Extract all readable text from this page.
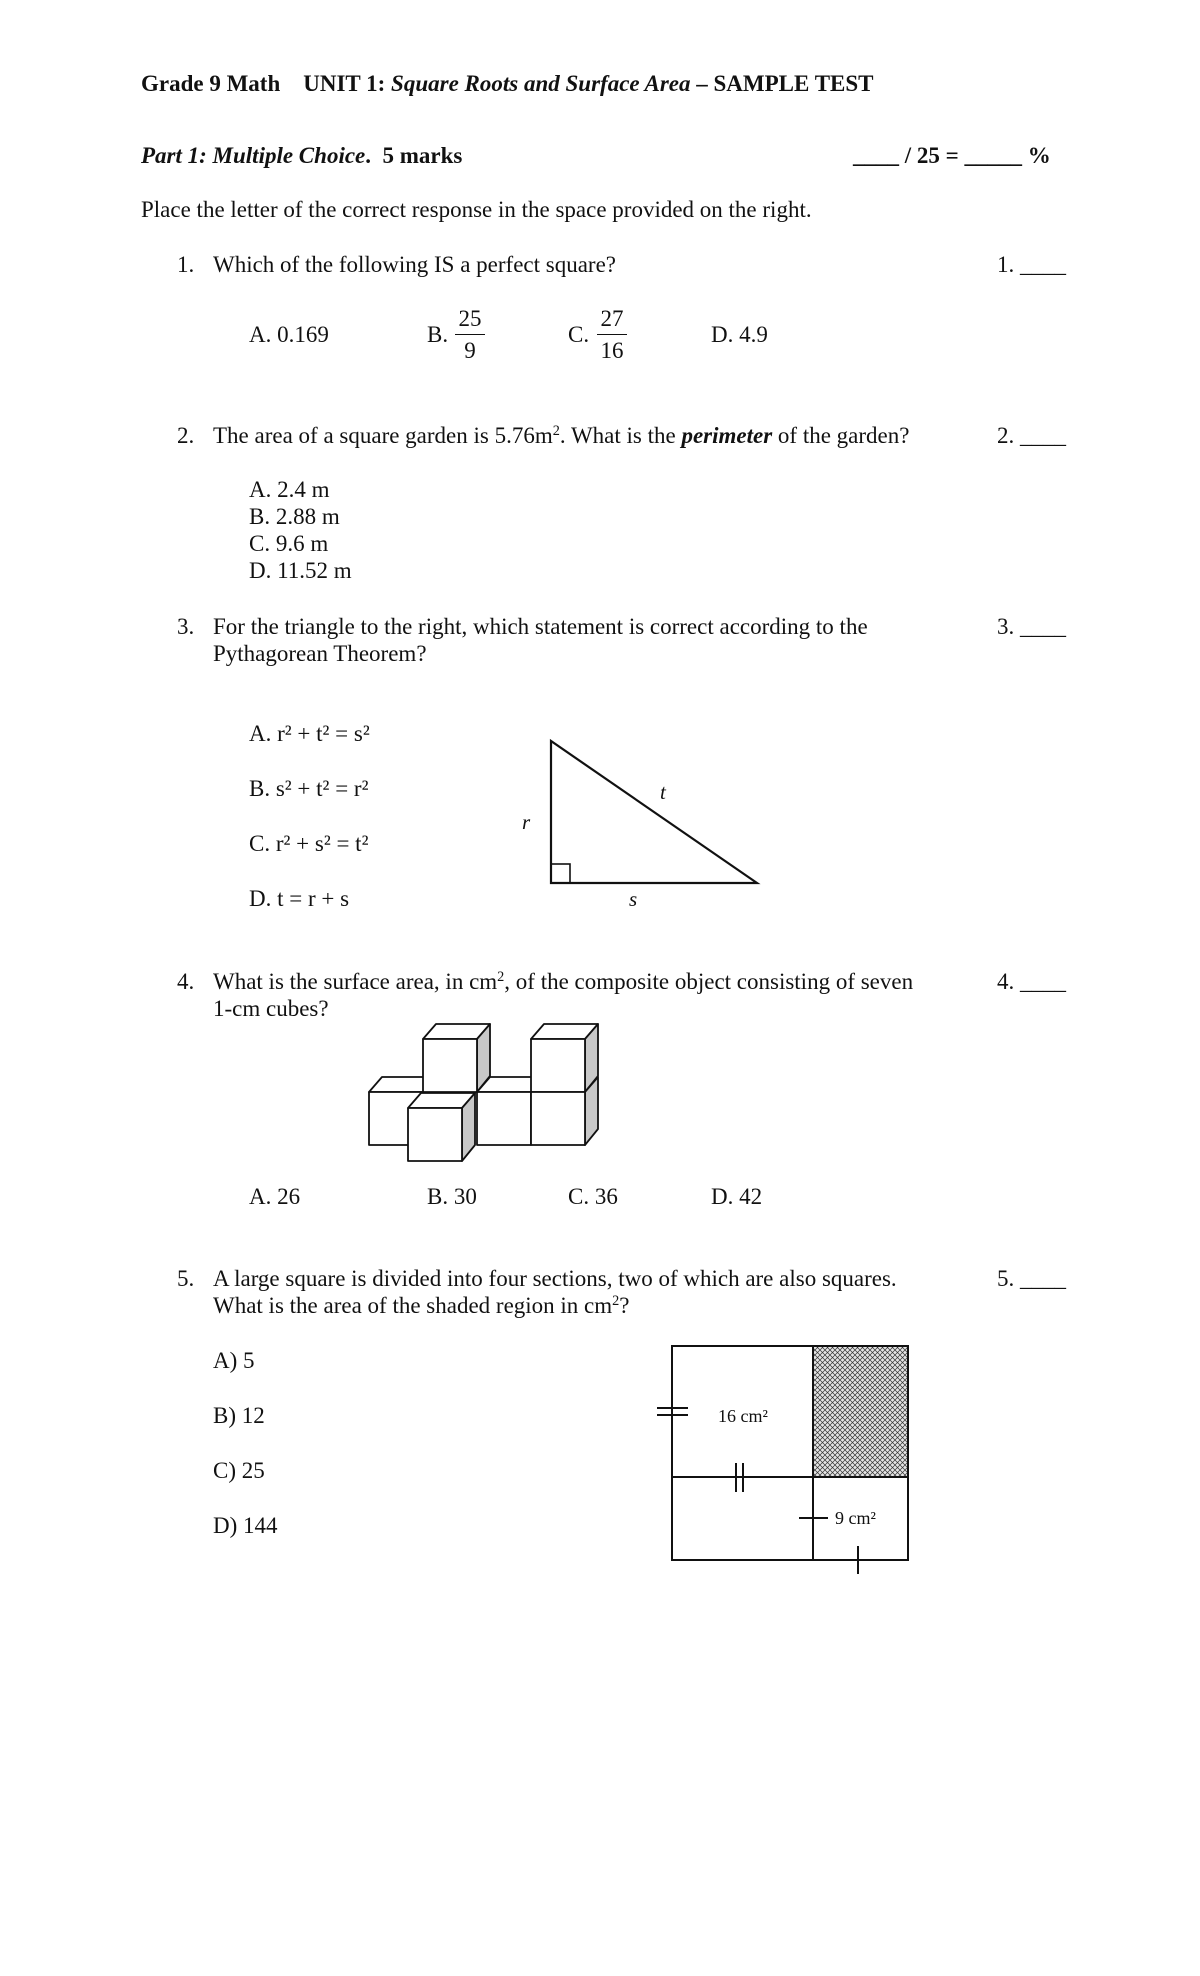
Grade 9 Math UNIT 1: Square Roots and Surface Area – SAMPLE TEST
Part 1: Multiple Choice.  5 marks	____ / 25 = _____ %
Place the letter of the correct response in the space provided on the right.
1. Which of the following IS a perfect square?	1. ____
A. 0.169	B.
25
9
C.
27
16
D. 4.9
2. The area of a square garden is $5.76m^2$. What is the perimeter of the garden?	2. ____
A. 2.4 m
B. 2.88 m
C. 9.6 m
D. 11.52 m
3. For the triangle to the right, which statement is correct according to the
Pythagorean Theorem?
3. ____
A. r² + t² = s²
B. s² + t² = r²
C. r² + s² = t²
D. t = r + s
r
t
s
4. What is the surface area, in $cm^2$, of the composite object consisting of seven
1-cm cubes?
4. ____
A. 26	B. 30	C. 36	D. 42
5. A large square is divided into four sections, two of which are also squares.
What is the area of the shaded region in $cm^2$?
5. ____
A) 5
B) 12
C) 25
D) 144
16 cm²
9 cm²
